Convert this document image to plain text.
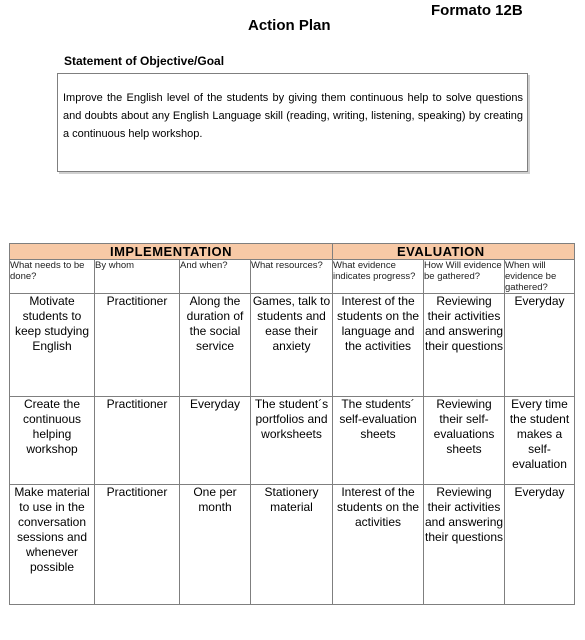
Formato 12B
Action Plan
Statement of Objective/Goal
Improve the English level of the students by giving them continuous help to solve questions and doubts about any English Language skill (reading, writing, listening, speaking) by creating a continuous help workshop.
IMPLEMENTATION				EVALUATION		
What needs to be done?	By whom	And when?	What resources?	What evidence indicates progress?	How Will evidence be gathered?	When will evidence be gathered?
Motivate students to keep studying English	Practitioner	Along the duration of the social service	Games, talk to students and ease their anxiety	Interest of the students on the language and the activities	Reviewing their activities and answering their questions	Everyday
Create the continuous helping workshop	Practitioner	Everyday	The student´s portfolios and worksheets	The students´ self-evaluation sheets	Reviewing their self-evaluations sheets	Every time the student makes a self-evaluation
Make material to use in the conversation sessions and whenever possible	Practitioner	One per month	Stationery material	Interest of the students on the activities	Reviewing their activities and answering their questions	Everyday
